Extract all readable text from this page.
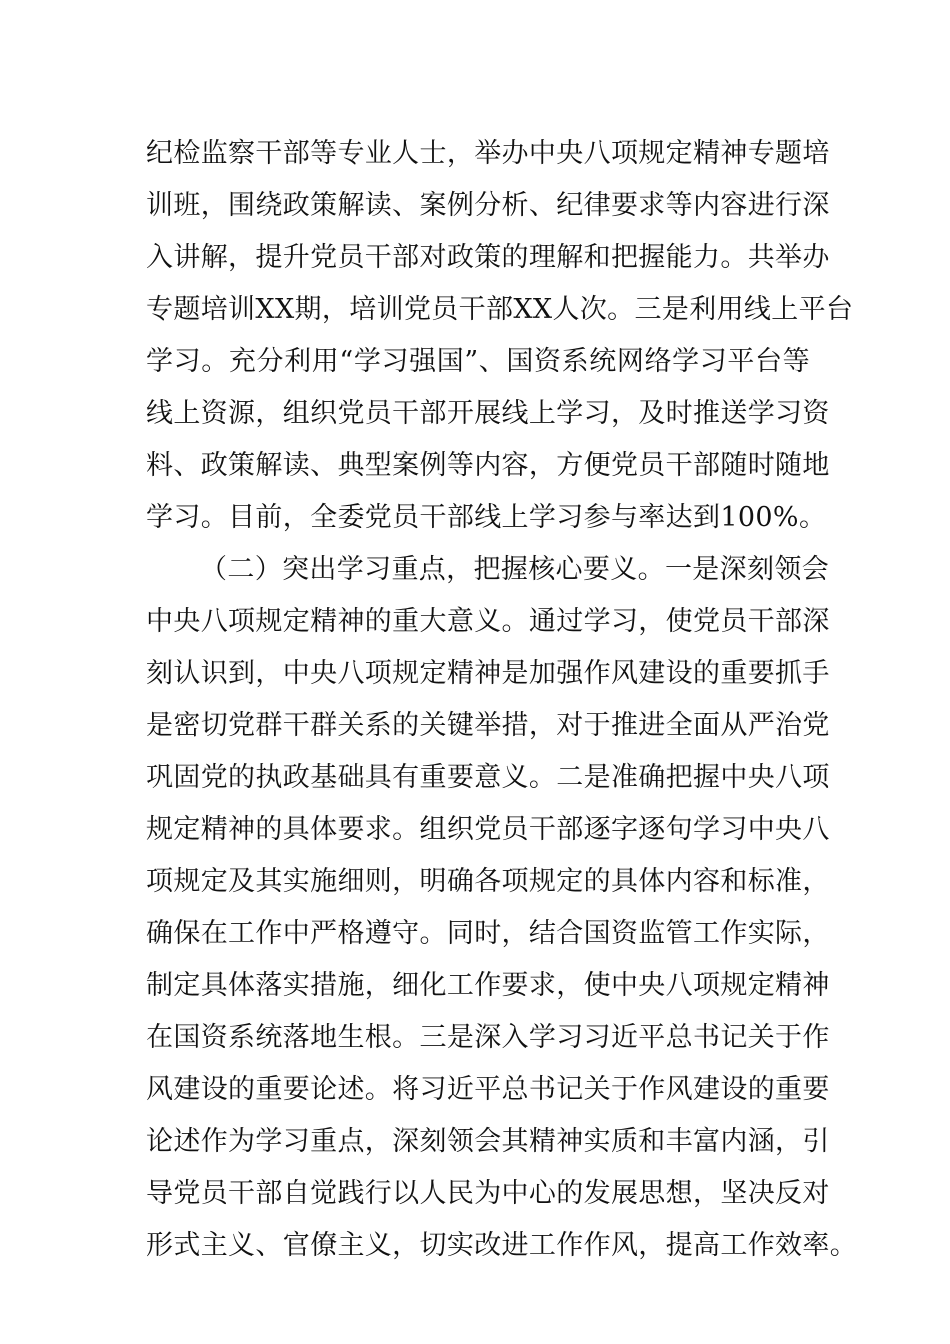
纪检监察干部等专业人士，举办中央八项规定精神专题培
训班，围绕政策解读、案例分析、纪律要求等内容进行深
入讲解，提升党员干部对政策的理解和把握能力。共举办
专题培训XX期，培训党员干部XX人次。三是利用线上平台
学习。充分利用“学习强国”、国资系统网络学习平台等
线上资源，组织党员干部开展线上学习，及时推送学习资
料、政策解读、典型案例等内容，方便党员干部随时随地
学习。目前，全委党员干部线上学习参与率达到100%。
（二）突出学习重点，把握核心要义。一是深刻领会
中央八项规定精神的重大意义。通过学习，使党员干部深
刻认识到，中央八项规定精神是加强作风建设的重要抓手
是密切党群干群关系的关键举措，对于推进全面从严治党
巩固党的执政基础具有重要意义。二是准确把握中央八项
规定精神的具体要求。组织党员干部逐字逐句学习中央八
项规定及其实施细则，明确各项规定的具体内容和标准，
确保在工作中严格遵守。同时，结合国资监管工作实际，
制定具体落实措施，细化工作要求，使中央八项规定精神
在国资系统落地生根。三是深入学习习近平总书记关于作
风建设的重要论述。将习近平总书记关于作风建设的重要
论述作为学习重点，深刻领会其精神实质和丰富内涵，引
导党员干部自觉践行以人民为中心的发展思想，坚决反对
形式主义、官僚主义，切实改进工作作风，提高工作效率。
